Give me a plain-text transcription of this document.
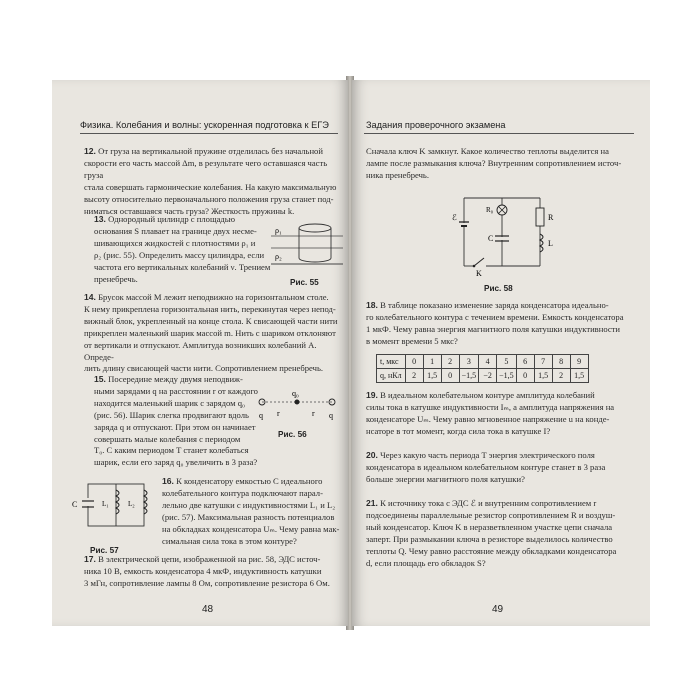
Физика. Колебания и волны: ускоренная подготовка к ЕГЭ
12. От груза на вертикальной пружине отделилась без начальной
скорости его часть массой Δm, в результате чего оставшаяся часть груза
стала совершать гармонические колебания. На какую максимальную
высоту относительно первоначального положения груза станет под-
ниматься оставшаяся часть груза? Жесткость пружины k.
13. Однородный цилиндр с площадью
основания S плавает на границе двух несме-
шивающихся жидкостей с плотностями ρ₁ и
ρ₂ (рис. 55). Определить массу цилиндра, если
частота его вертикальных колебаний ν. Трением
пренебречь.
ρ₁
ρ₂
Рис. 55
14. Брусок массой M лежит неподвижно на горизонтальном столе.
К нему прикреплена горизонтальная нить, перекинутая через непод-
вижный блок, укрепленный на конце стола. К свисающей части нити
прикреплен маленький шарик массой m. Нить с шариком отклоняют
от вертикали и отпускают. Амплитуда возникших колебаний A. Опреде-
лить длину свисающей части нити. Сопротивлением пренебречь.
15. Посередине между двумя неподвиж-
ными зарядами q на расстоянии r от каждого
находится маленький шарик с зарядом q₀
(рис. 56). Шарик слегка продвигают вдоль
заряда q и отпускают. При этом он начинает
совершать малые колебания с периодом
T₀. С каким периодом T станет колебаться
шарик, если его заряд q₀ увеличить в 3 раза?
q r
q₀
r q
Рис. 56
C	L₁	L₂
Рис. 57
16. К конденсатору емкостью C идеального
колебательного контура подключают парал-
лельно две катушки с индуктивностями L₁ и L₂
(рис. 57). Максимальная разность потенциалов
на обкладках конденсатора Uₘ. Чему равна мак-
симальная сила тока в этом контуре?
17. В электрической цепи, изображенной на рис. 58, ЭДС источ-
ника 10 В, емкость конденсатора 4 мкФ, индуктивность катушки
3 мГн, сопротивление лампы 8 Ом, сопротивление резистора 6 Ом.
48
Задания проверочного экзамена
Сначала ключ K замкнут. Какое количество теплоты выделится на
лампе после размыкания ключа? Внутренним сопротивлением источ-
ника пренебречь.
ℰ
R₀
C
R
L
K
Рис. 58
18. В таблице показано изменение заряда конденсатора идеально-
го колебательного контура с течением времени. Емкость конденсатора
1 мкФ. Чему равна энергия магнитного поля катушки индуктивности
в момент времени 5 мкс?
t, мкс	0	1	2	3	4	5	6	7	8	9
q, нКл	2	1,5	0	−1,5	−2	−1,5	0	1,5	2	1,5
19. В идеальном колебательном контуре амплитуда колебаний
силы тока в катушке индуктивности Iₘ, а амплитуда напряжения на
конденсаторе Uₘ. Чему равно мгновенное напряжение u на конде-
нсаторе в тот момент, когда сила тока в катушке I?
20. Через какую часть периода T энергия электрического поля
конденсатора в идеальном колебательном контуре станет в 3 раза
больше энергии магнитного поля катушки?
21. К источнику тока с ЭДС ℰ и внутренним сопротивлением r
подсоединены параллельные резистор сопротивлением R и воздуш-
ный конденсатор. Ключ K в неразветвленном участке цепи сначала
заперт. При размыкании ключа в резисторе выделилось количество
теплоты Q. Чему равно расстояние между обкладками конденсатора
d, если площадь его обкладок S?
49
